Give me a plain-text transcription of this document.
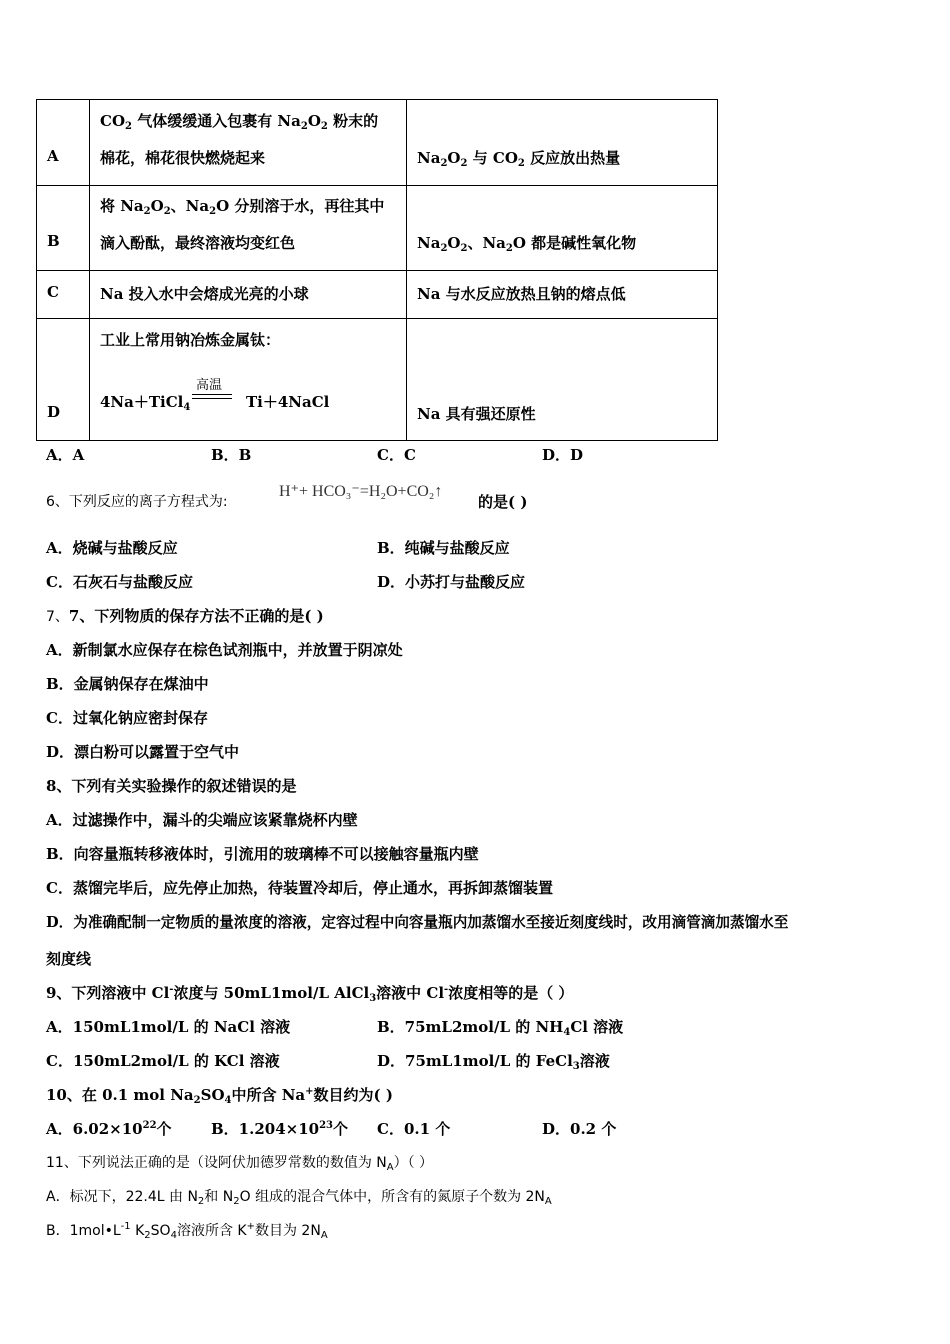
A	$CO_2$ 气体缓缓通入包裹有 $Na_2O_2$ 粉末的
棉花，棉花很快燃烧起来	$Na_2O_2$ 与 $CO_2$ 反应放出热量

B	将 $Na_2O_2$、$Na_2O$ 分别溶于水，再往其中
滴入酚酞，最终溶液均变红色	$Na_2O_2$、$Na_2O$ 都是碱性氧化物

C	Na 投入水中会熔成光亮的小球	Na 与水反应放热且钠的熔点低

D	工业上常用钠冶炼金属钛：
4Na＋TiCl$_4$
高温
Ti＋4NaCl	Na 具有强还原性
A．A	B．B	C．C	D．D
6、下列反应的离子方程式为:
H⁺+ HCO₃⁻=H₂O+CO₂↑
的是( )
A．烧碱与盐酸反应	B．纯碱与盐酸反应
C．石灰石与盐酸反应	D．小苏打与盐酸反应
7、7、下列物质的保存方法不正确的是( )
A．新制氯水应保存在棕色试剂瓶中，并放置于阴凉处
B．金属钠保存在煤油中
C．过氧化钠应密封保存
D．漂白粉可以露置于空气中
8、下列有关实验操作的叙述错误的是
A．过滤操作中，漏斗的尖端应该紧靠烧杯内壁
B．向容量瓶转移液体时，引流用的玻璃棒不可以接触容量瓶内壁
C．蒸馏完毕后，应先停止加热，待装置冷却后，停止通水，再拆卸蒸馏装置
D．为准确配制一定物质的量浓度的溶液，定容过程中向容量瓶内加蒸馏水至接近刻度线时，改用滴管滴加蒸馏水至
刻度线
9、下列溶液中 Cl-浓度与 50mL1mol/L AlCl$_3$溶液中 Cl-浓度相等的是（ ）
A．150mL1mol/L 的 NaCl 溶液	B．75mL2mol/L 的 $NH_4Cl$ 溶液
C．150mL2mol/L 的 KCl 溶液	D．75mL1mol/L 的 FeCl$_3$溶液
10、在 0.1 mol $Na_2SO_4$中所含 Na+数目约为( )
A．$6.02\times 10^{22}$个	B．$1.204\times 10^{23}$个 C．0.1 个	D．0.2 个
11、下列说法正确的是（设阿伏加德罗常数的数值为 $N_A$）（ ）
A．标况下，22.4L 由 $N_2$和 $N_2O$ 组成的混合气体中，所含有的氮原子个数为 $2N_A$
B．$1mol•L^{-1}$ $K_2SO_4$溶液所含 K+数目为 $2N_A$
